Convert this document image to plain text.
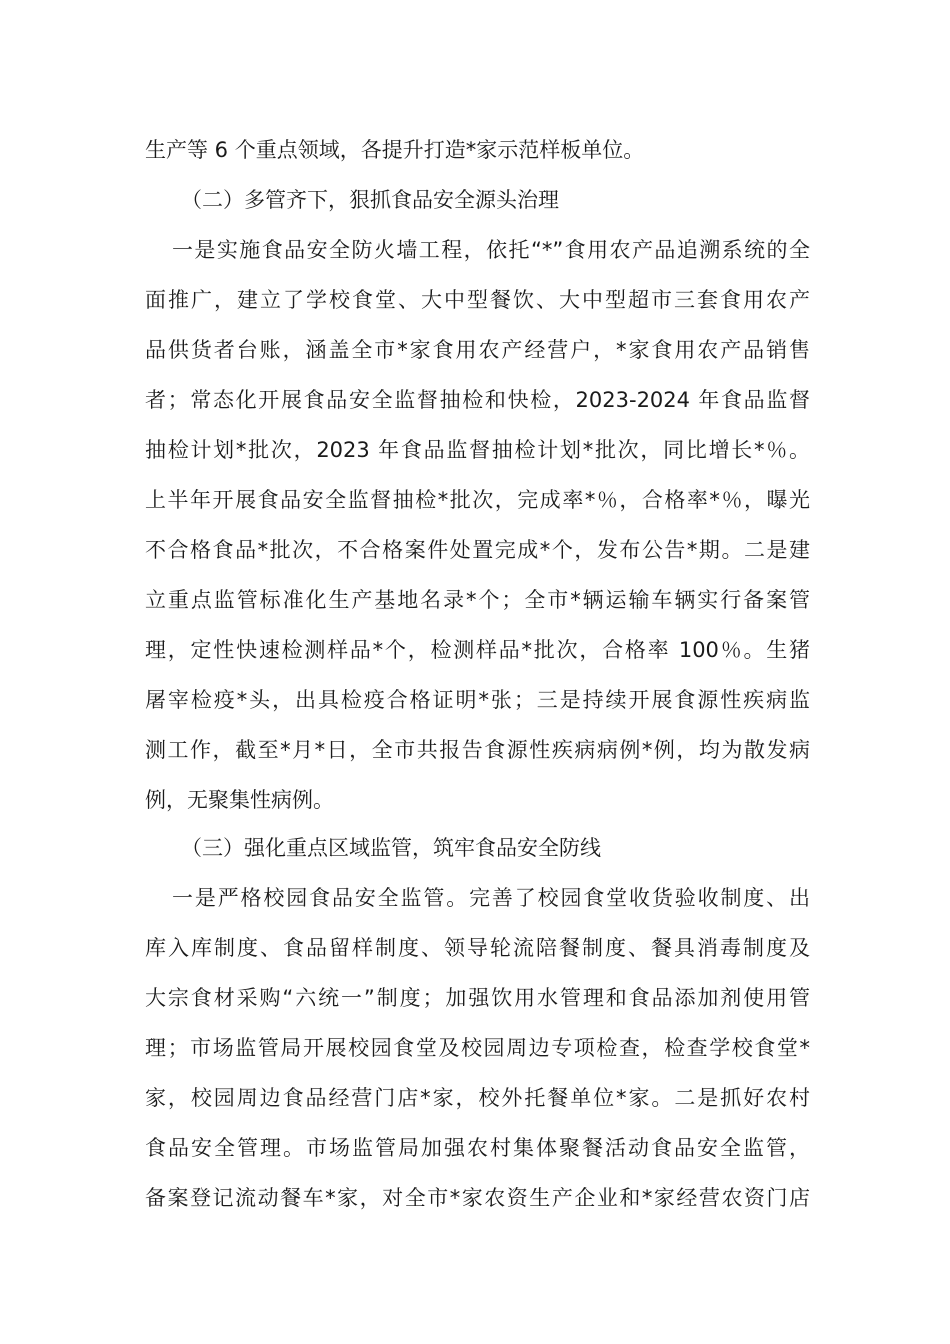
生产等 6 个重点领域，各提升打造*家示范样板单位。
（二）多管齐下，狠抓食品安全源头治理
一是实施食品安全防火墙工程，依托“*”食用农产品追溯系统的全
面推广，建立了学校食堂、大中型餐饮、大中型超市三套食用农产
品供货者台账，涵盖全市*家食用农产经营户，*家食用农产品销售
者；常态化开展食品安全监督抽检和快检，2023-2024 年食品监督
抽检计划*批次，2023 年食品监督抽检计划*批次，同比增长*％。
上半年开展食品安全监督抽检*批次，完成率*％，合格率*％，曝光
不合格食品*批次，不合格案件处置完成*个，发布公告*期。二是建
立重点监管标准化生产基地名录*个；全市*辆运输车辆实行备案管
理，定性快速检测样品*个，检测样品*批次，合格率 100％。生猪
屠宰检疫*头，出具检疫合格证明*张；三是持续开展食源性疾病监
测工作，截至*月*日，全市共报告食源性疾病病例*例，均为散发病
例，无聚集性病例。
（三）强化重点区域监管，筑牢食品安全防线
一是严格校园食品安全监管。完善了校园食堂收货验收制度、出
库入库制度、食品留样制度、领导轮流陪餐制度、餐具消毒制度及
大宗食材采购“六统一”制度；加强饮用水管理和食品添加剂使用管
理；市场监管局开展校园食堂及校园周边专项检查，检查学校食堂*
家，校园周边食品经营门店*家，校外托餐单位*家。二是抓好农村
食品安全管理。市场监管局加强农村集体聚餐活动食品安全监管，
备案登记流动餐车*家，对全市*家农资生产企业和*家经营农资门店
